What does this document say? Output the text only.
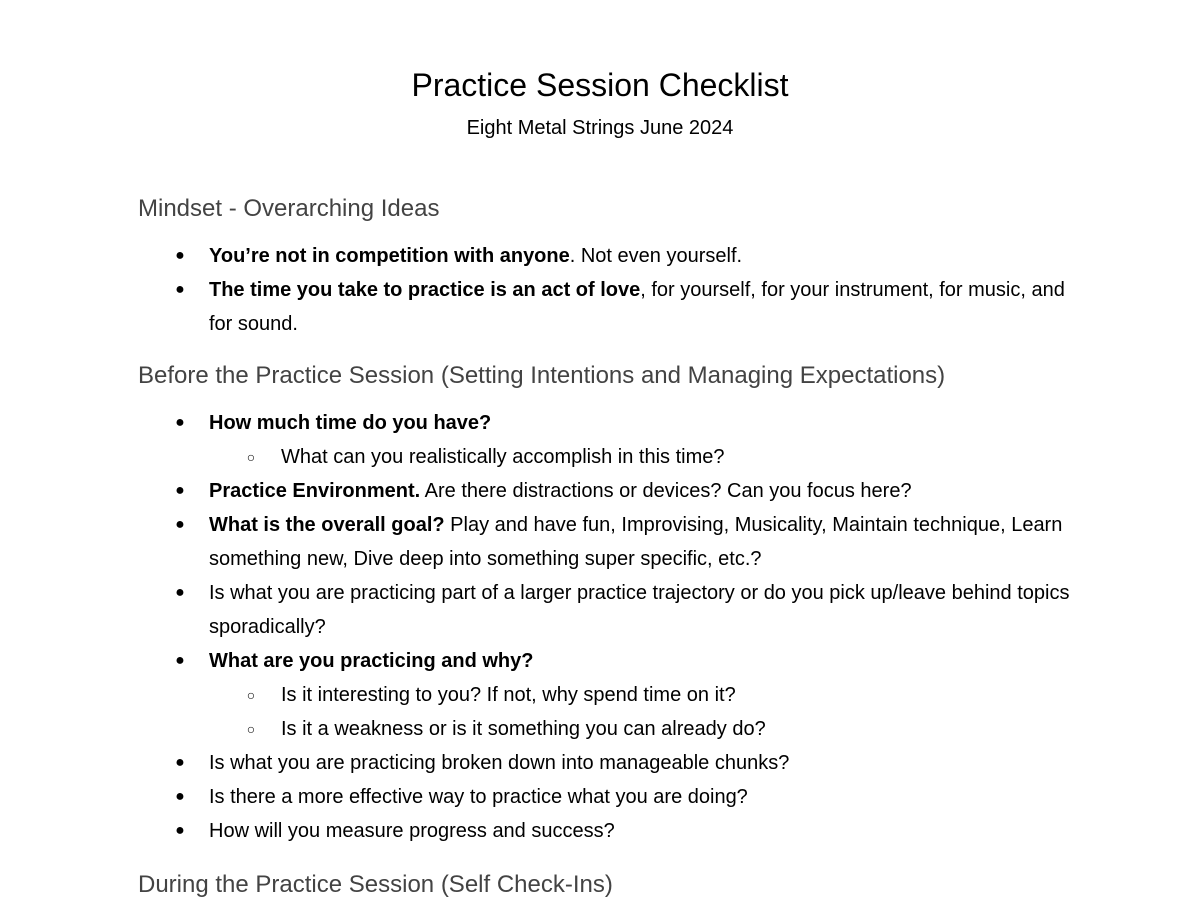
Practice Session Checklist

Eight Metal Strings June 2024

Mindset - Overarching Ideas
● You’re not in competition with anyone. Not even yourself.
● The time you take to practice is an act of love, for yourself, for your instrument, for music, and for sound.
Before the Practice Session (Setting Intentions and Managing Expectations)
● How much time do you have?
○ What can you realistically accomplish in this time?
● Practice Environment. Are there distractions or devices? Can you focus here?
● What is the overall goal? Play and have fun, Improvising, Musicality, Maintain technique, Learn something new, Dive deep into something super specific, etc.?
● Is what you are practicing part of a larger practice trajectory or do you pick up/leave behind topics sporadically?
● What are you practicing and why?
○ Is it interesting to you? If not, why spend time on it?
○ Is it a weakness or is it something you can already do?
● Is what you are practicing broken down into manageable chunks?
● Is there a more effective way to practice what you are doing?
● How will you measure progress and success?
During the Practice Session (Self Check-Ins)
